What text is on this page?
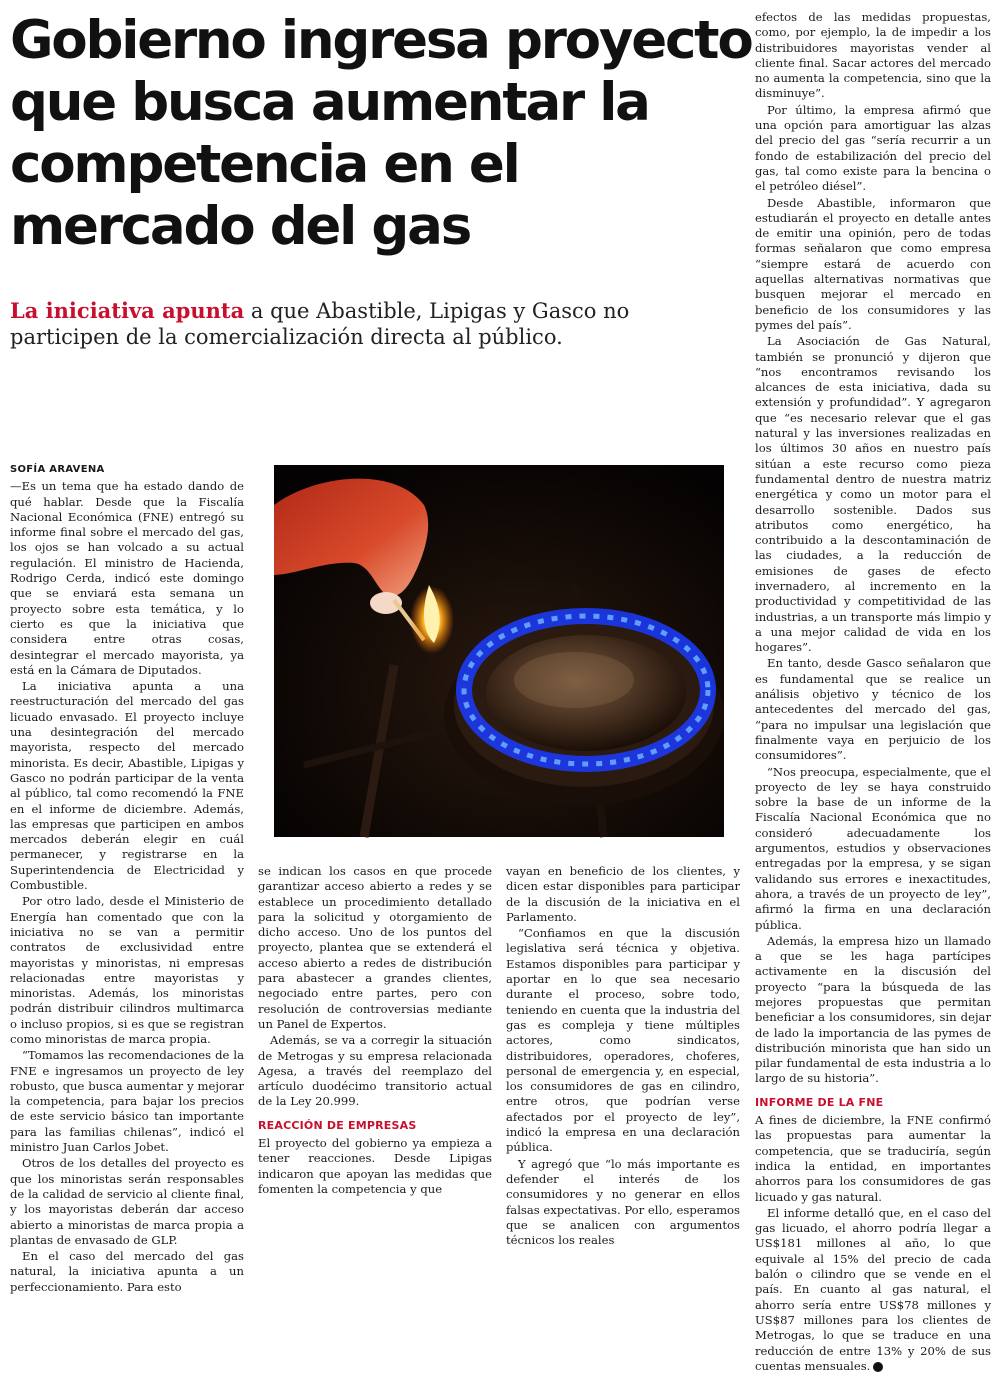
Gobierno ingresa proyecto
que busca aumentar la
competencia en el
mercado del gas
La iniciativa apunta a que Abastible, Lipigas y Gasco no participen de la comercialización directa al público.
SOFÍA ARAVENA

—Es un tema que ha estado dando de qué hablar. Desde que la Fiscalía Nacional Económica (FNE) entregó su informe final sobre el mercado del gas, los ojos se han volcado a su actual regulación. El ministro de Hacienda, Rodrigo Cerda, indicó este domingo que se enviará esta semana un proyecto sobre esta temática, y lo cierto es que la iniciativa que considera entre otras cosas, desintegrar el mercado mayorista, ya está en la Cámara de Diputados.

La iniciativa apunta a una reestructuración del mercado del gas licuado envasado. El proyecto incluye una desintegración del mercado mayorista, respecto del mercado minorista. Es decir, Abastible, Lipigas y Gasco no podrán participar de la venta al público, tal como recomendó la FNE en el informe de diciembre. Además, las empresas que participen en ambos mercados deberán elegir en cuál permanecer, y registrarse en la Superintendencia de Electricidad y Combustible.

Por otro lado, desde el Ministerio de Energía han comentado que con la iniciativa no se van a permitir contratos de exclusividad entre mayoristas y minoristas, ni empresas relacionadas entre mayoristas y minoristas. Además, los minoristas podrán distribuir cilindros multimarca o incluso propios, si es que se registran como minoristas de marca propia.

“Tomamos las recomendaciones de la FNE e ingresamos un proyecto de ley robusto, que busca aumentar y mejorar la competencia, para bajar los precios de este servicio básico tan importante para las familias chilenas”, indicó el ministro Juan Carlos Jobet.

Otros de los detalles del proyecto es que los minoristas serán responsables de la calidad de servicio al cliente final, y los mayoristas deberán dar acceso abierto a minoristas de marca propia a plantas de envasado de GLP.

En el caso del mercado del gas natural, la iniciativa apunta a un perfeccionamiento. Para esto

se indican los casos en que procede garantizar acceso abierto a redes y se establece un procedimiento detallado para la solicitud y otorgamiento de dicho acceso. Uno de los puntos del proyecto, plantea que se extenderá el acceso abierto a redes de distribución para abastecer a grandes clientes, negociado entre partes, pero con resolución de controversias mediante un Panel de Expertos.

Además, se va a corregir la situación de Metrogas y su empresa relacionada Agesa, a través del reemplazo del artículo duodécimo transitorio actual de la Ley 20.999.

REACCIÓN DE EMPRESAS

El proyecto del gobierno ya empieza a tener reacciones. Desde Lipigas indicaron que apoyan las medidas que fomenten la competencia y que

vayan en beneficio de los clientes, y dicen estar disponibles para participar de la discusión de la iniciativa en el Parlamento.

“Confiamos en que la discusión legislativa será técnica y objetiva. Estamos disponibles para participar y aportar en lo que sea necesario durante el proceso, sobre todo, teniendo en cuenta que la industria del gas es compleja y tiene múltiples actores, como sindicatos, distribuidores, operadores, choferes, personal de emergencia y, en especial, los consumidores de gas en cilindro, entre otros, que podrían verse afectados por el proyecto de ley”, indicó la empresa en una declaración pública.

Y agregó que “lo más importante es defender el interés de los consumidores y no generar en ellos falsas expectativas. Por ello, esperamos que se analicen con argumentos técnicos los reales

efectos de las medidas propuestas, como, por ejemplo, la de impedir a los distribuidores mayoristas vender al cliente final. Sacar actores del mercado no aumenta la competencia, sino que la disminuye”.

Por último, la empresa afirmó que una opción para amortiguar las alzas del precio del gas “sería recurrir a un fondo de estabilización del precio del gas, tal como existe para la bencina o el petróleo diésel”.

Desde Abastible, informaron que estudiarán el proyecto en detalle antes de emitir una opinión, pero de todas formas señalaron que como empresa “siempre estará de acuerdo con aquellas alternativas normativas que busquen mejorar el mercado en beneficio de los consumidores y las pymes del país”.

La Asociación de Gas Natural, también se pronunció y dijeron que “nos encontramos revisando los alcances de esta iniciativa, dada su extensión y profundidad”. Y agregaron que “es necesario relevar que el gas natural y las inversiones realizadas en los últimos 30 años en nuestro país sitúan a este recurso como pieza fundamental dentro de nuestra matriz energética y como un motor para el desarrollo sostenible. Dados sus atributos como energético, ha contribuido a la descontaminación de las ciudades, a la reducción de emisiones de gases de efecto invernadero, al incremento en la productividad y competitividad de las industrias, a un transporte más limpio y a una mejor calidad de vida en los hogares”.

En tanto, desde Gasco señalaron que es fundamental que se realice un análisis objetivo y técnico de los antecedentes del mercado del gas, “para no impulsar una legislación que finalmente vaya en perjuicio de los consumidores”.

“Nos preocupa, especialmente, que el proyecto de ley se haya construido sobre la base de un informe de la Fiscalía Nacional Económica que no consideró adecuadamente los argumentos, estudios y observaciones entregadas por la empresa, y se sigan validando sus errores e inexactitudes, ahora, a través de un proyecto de ley”, afirmó la firma en una declaración pública.

Además, la empresa hizo un llamado a que se les haga partícipes activamente en la discusión del proyecto “para la búsqueda de las mejores propuestas que permitan beneficiar a los consumidores, sin dejar de lado la importancia de las pymes de distribución minorista que han sido un pilar fundamental de esta industria a lo largo de su historia”.

INFORME DE LA FNE

A fines de diciembre, la FNE confirmó las propuestas para aumentar la competencia, que se traduciría, según indica la entidad, en importantes ahorros para los consumidores de gas licuado y gas natural.

El informe detalló que, en el caso del gas licuado, el ahorro podría llegar a US$181 millones al año, lo que equivale al 15% del precio de cada balón o cilindro que se vende en el país. En cuanto al gas natural, el ahorro sería entre US$78 millones y US$87 millones para los clientes de Metrogas, lo que se traduce en una reducción de entre 13% y 20% de sus cuentas mensuales.
